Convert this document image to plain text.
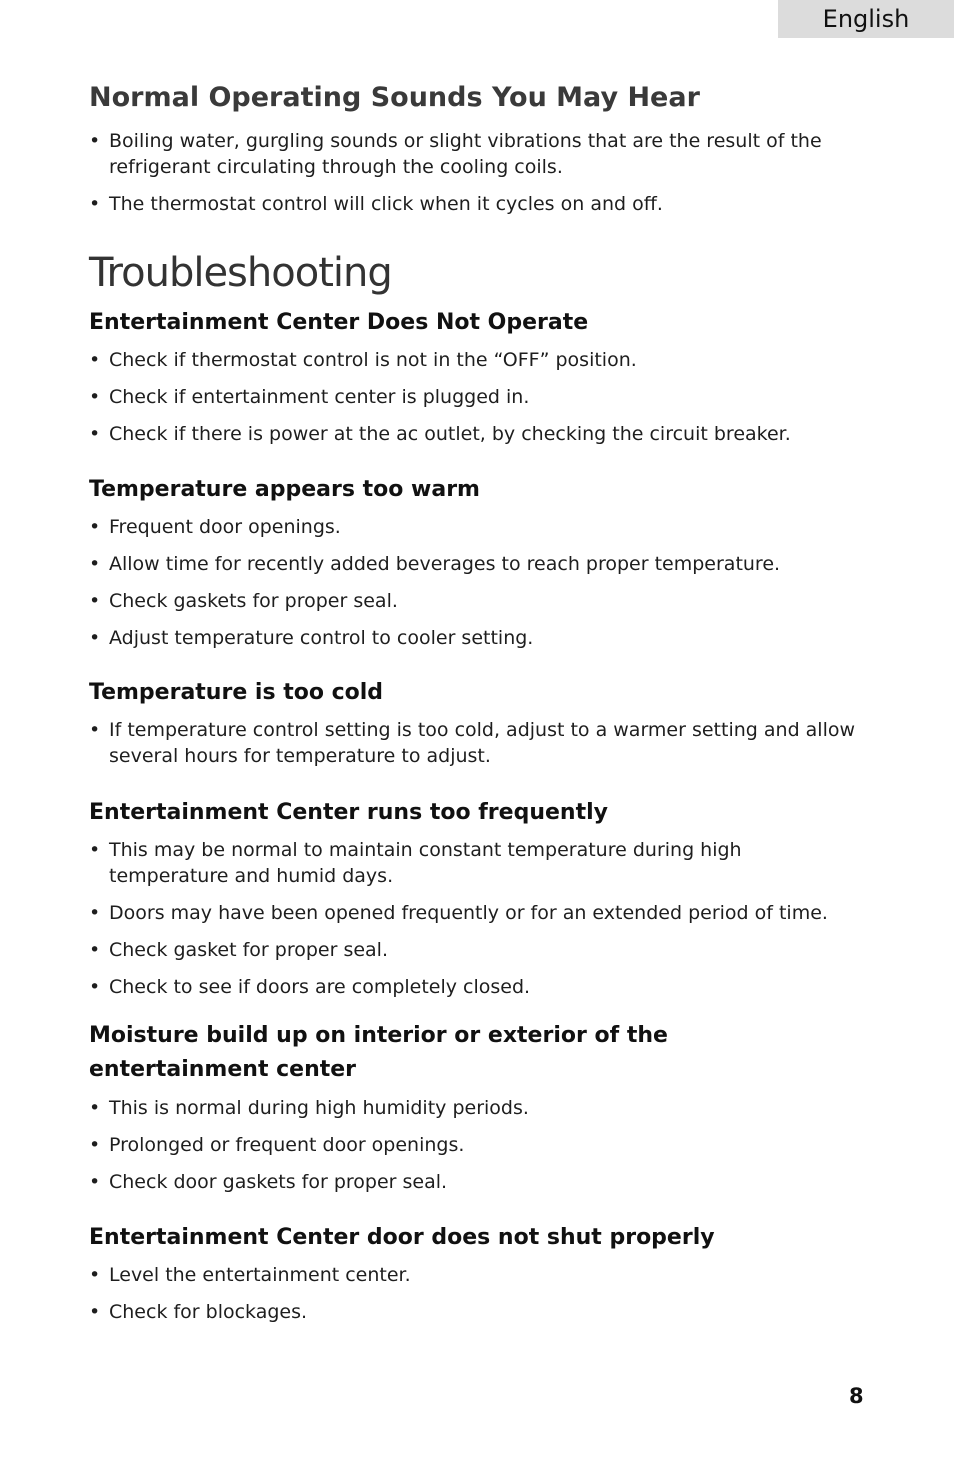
English
Normal Operating Sounds You May Hear
• Boiling water, gurgling sounds or slight vibrations that are the result of the refrigerant circulating through the cooling coils.
• The thermostat control will click when it cycles on and off.
Troubleshooting
Entertainment Center Does Not Operate
• Check if thermostat control is not in the “OFF” position.
• Check if entertainment center is plugged in.
• Check if there is power at the ac outlet, by checking the circuit breaker.
Temperature appears too warm
• Frequent door openings.
• Allow time for recently added beverages to reach proper temperature.
• Check gaskets for proper seal.
• Adjust temperature control to cooler setting.
Temperature is too cold
• If temperature control setting is too cold, adjust to a warmer setting and allow several hours for temperature to adjust.
Entertainment Center runs too frequently
• This may be normal to maintain constant temperature during high temperature and humid days.
• Doors may have been opened frequently or for an extended period of time.
• Check gasket for proper seal.
• Check to see if doors are completely closed.
Moisture build up on interior or exterior of the
entertainment center
• This is normal during high humidity periods.
• Prolonged or frequent door openings.
• Check door gaskets for proper seal.
Entertainment Center door does not shut properly
• Level the entertainment center.
• Check for blockages.
8
